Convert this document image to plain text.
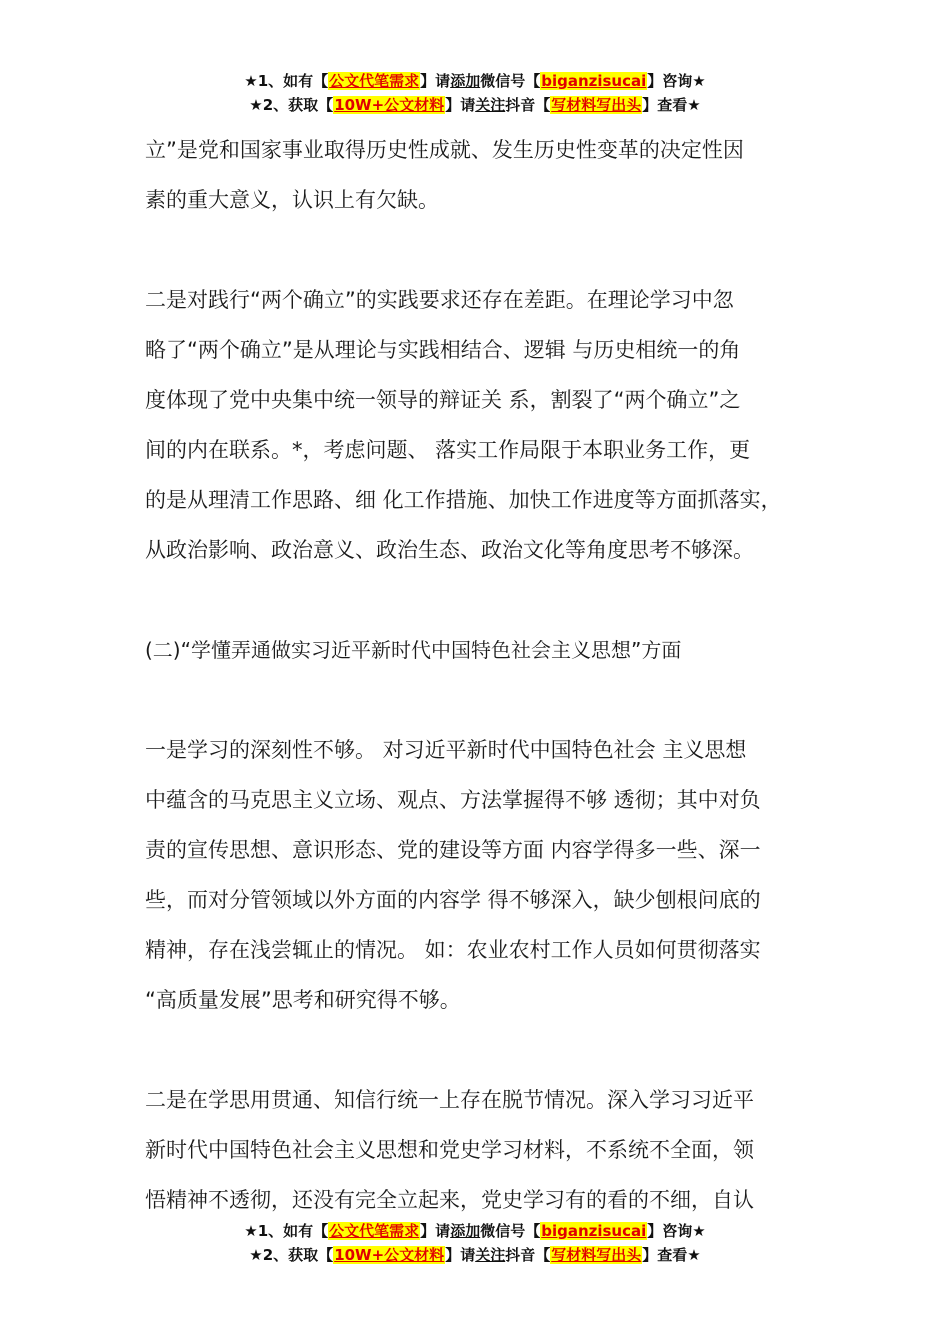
★1、如有【公文代笔需求】请添加微信号【biganzisucai】咨询★
★2、获取【10W+公文材料】请关注抖音【写材料写出头】查看★

立”是党和国家事业取得历史性成就、发生历史性变革的决定性因

素的重大意义，认识上有欠缺。

二是对践行“两个确立”的实践要求还存在差距。在理论学习中忽

略了“两个确立”是从理论与实践相结合、逻辑 与历史相统一的角

度体现了党中央集中统一领导的辩证关 系，割裂了“两个确立”之

间的内在联系。*，考虑问题、 落实工作局限于本职业务工作，更

的是从理清工作思路、细 化工作措施、加快工作进度等方面抓落实，

从政治影响、政治意义、政治生态、政治文化等角度思考不够深。

(二)“学懂弄通做实习近平新时代中国特色社会主义思想”方面

一是学习的深刻性不够。 对习近平新时代中国特色社会 主义思想

中蕴含的马克思主义立场、观点、方法掌握得不够 透彻；其中对负

责的宣传思想、意识形态、党的建设等方面 内容学得多一些、深一

些，而对分管领域以外方面的内容学 得不够深入，缺少刨根问底的

精神，存在浅尝辄止的情况。 如：农业农村工作人员如何贯彻落实

“高质量发展”思考和研究得不够。

二是在学思用贯通、知信行统一上存在脱节情况。深入学习习近平

新时代中国特色社会主义思想和党史学习材料，不系统不全面，领

悟精神不透彻，还没有完全立起来，党史学习有的看的不细，自认

★1、如有【公文代笔需求】请添加微信号【biganzisucai】咨询★
★2、获取【10W+公文材料】请关注抖音【写材料写出头】查看★
